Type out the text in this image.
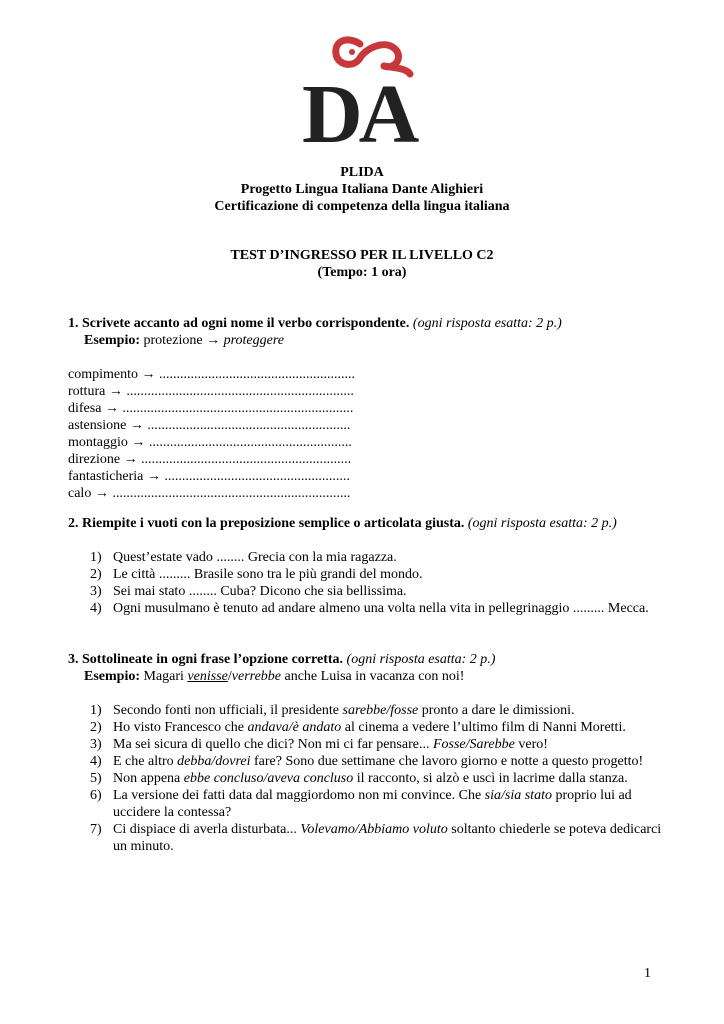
DA
PLIDA
Progetto Lingua Italiana Dante Alighieri
Certificazione di competenza della lingua italiana
TEST D’INGRESSO PER IL LIVELLO C2
(Tempo: 1 ora)
1. Scrivete accanto ad ogni nome il verbo corrispondente. (ogni risposta esatta: 2 p.)
Esempio: protezione → proteggere
compimento → ........................................................
rottura → .................................................................
difesa → ..................................................................
astensione → ..........................................................
montaggio → ..........................................................
direzione → ............................................................
fantasticheria → .....................................................
calo → ....................................................................
2. Riempite i vuoti con la preposizione semplice o articolata giusta. (ogni risposta esatta: 2 p.)
1) Quest’estate vado ........ Grecia con la mia ragazza.
2) Le città ......... Brasile sono tra le più grandi del mondo.
3) Sei mai stato ........ Cuba? Dicono che sia bellissima.
4) Ogni musulmano è tenuto ad andare almeno una volta nella vita in pellegrinaggio ......... Mecca.
3. Sottolineate in ogni frase l’opzione corretta. (ogni risposta esatta: 2 p.)
Esempio: Magari venisse/verrebbe anche Luisa in vacanza con noi!
1) Secondo fonti non ufficiali, il presidente sarebbe/fosse pronto a dare le dimissioni.
2) Ho visto Francesco che andava/è andato al cinema a vedere l’ultimo film di Nanni Moretti.
3) Ma sei sicura di quello che dici? Non mi ci far pensare... Fosse/Sarebbe vero!
4) E che altro debba/dovrei fare? Sono due settimane che lavoro giorno e notte a questo progetto!
5) Non appena ebbe concluso/aveva concluso il racconto, si alzò e uscì in lacrime dalla stanza.
6) La versione dei fatti data dal maggiordomo non mi convince. Che sia/sia stato proprio lui ad uccidere la contessa?
7) Ci dispiace di averla disturbata... Volevamo/Abbiamo voluto soltanto chiederle se poteva dedicarci un minuto.
1
